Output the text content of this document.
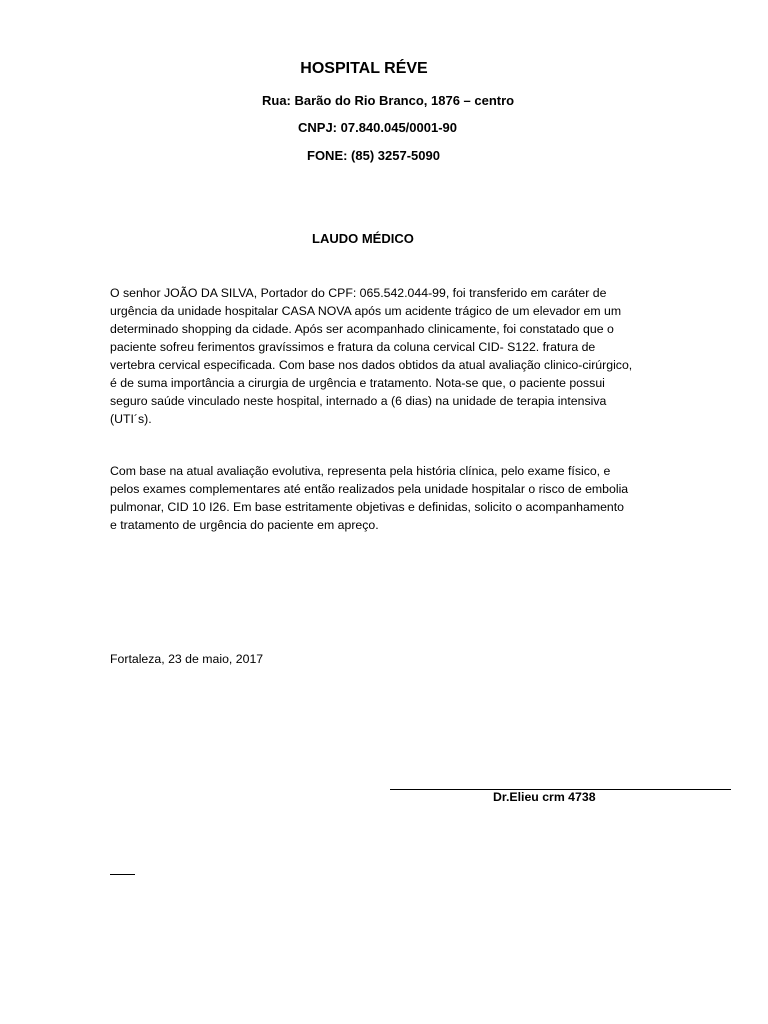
HOSPITAL RÉVE
Rua: Barão do Rio Branco, 1876 – centro
CNPJ: 07.840.045/0001-90
FONE: (85) 3257-5090
LAUDO MÉDICO
O senhor JOÃO DA SILVA, Portador do CPF: 065.542.044-99, foi transferido em caráter de
urgência da unidade hospitalar CASA NOVA após um acidente trágico de um elevador em um
determinado shopping da cidade. Após ser acompanhado clinicamente, foi constatado que o
paciente sofreu ferimentos gravíssimos e fratura da coluna cervical CID- S122. fratura de
vertebra cervical especificada. Com base nos dados obtidos da atual avaliação clinico-cirúrgico,
é de suma importância a cirurgia de urgência e tratamento. Nota-se que, o paciente possui
seguro saúde vinculado neste hospital, internado a (6 dias) na unidade de terapia intensiva
(UTI´s).
Com base na atual avaliação evolutiva, representa pela história clínica, pelo exame físico, e
pelos exames complementares até então realizados pela unidade hospitalar o risco de embolia
pulmonar, CID 10 I26. Em base estritamente objetivas e definidas, solicito o acompanhamento
e tratamento de urgência do paciente em apreço.
Fortaleza, 23 de maio, 2017
Dr.Elieu crm 4738
